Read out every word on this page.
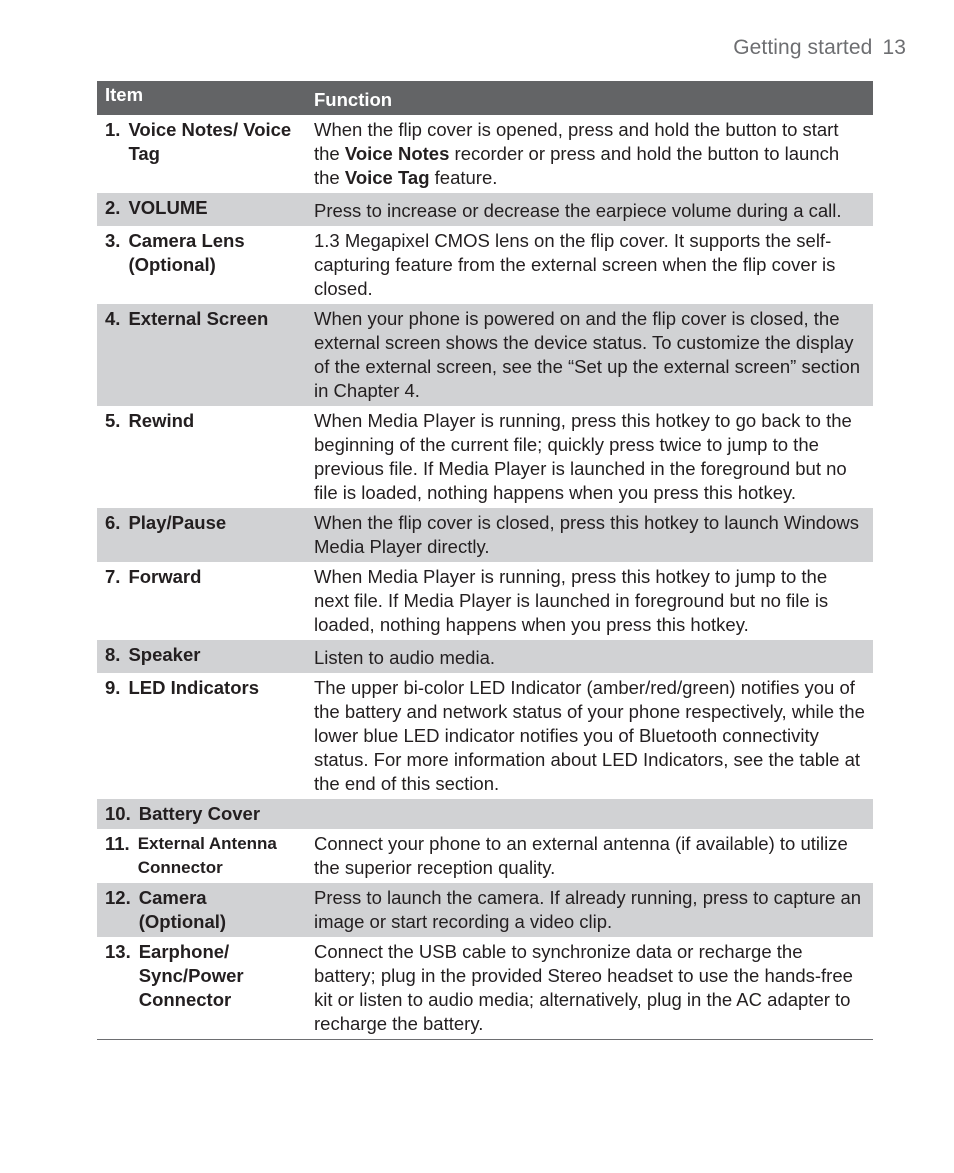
Getting started 13
Item	Function

1. Voice Notes/ Voice Tag	When the flip cover is opened, press and hold the button to start the Voice Notes recorder or press and hold the button to launch the Voice Tag feature.

2. VOLUME	Press to increase or decrease the earpiece volume during a call.

3. Camera Lens (Optional)	1.3 Megapixel CMOS lens on the flip cover. It supports the self-capturing feature from the external screen when the flip cover is closed.

4. External Screen	When your phone is powered on and the flip cover is closed, the external screen shows the device status. To customize the display of the external screen, see the “Set up the external screen” section in Chapter 4.

5. Rewind	When Media Player is running, press this hotkey to go back to the beginning of the current file; quickly press twice to jump to the previous file. If Media Player is launched in the foreground but no file is loaded, nothing happens when you press this hotkey.

6. Play/Pause	When the flip cover is closed, press this hotkey to launch Windows Media Player directly.

7. Forward	When Media Player is running, press this hotkey to jump to the next file. If Media Player is launched in foreground but no file is loaded, nothing happens when you press this hotkey.

8. Speaker	Listen to audio media.

9. LED Indicators	The upper bi-color LED Indicator (amber/red/green) notifies you of the battery and network status of your phone respectively, while the lower blue LED indicator notifies you of Bluetooth connectivity status. For more information about LED Indicators, see the table at the end of this section.

10. Battery Cover	

11. External Antenna Connector	Connect your phone to an external antenna (if available) to utilize the superior reception quality.

12. Camera (Optional)	Press to launch the camera. If already running, press to capture an image or start recording a video clip.

13. Earphone/ Sync/Power Connector	Connect the USB cable to synchronize data or recharge the battery; plug in the provided Stereo headset to use the hands-free kit or listen to audio media; alternatively, plug in the AC adapter to recharge the battery.
